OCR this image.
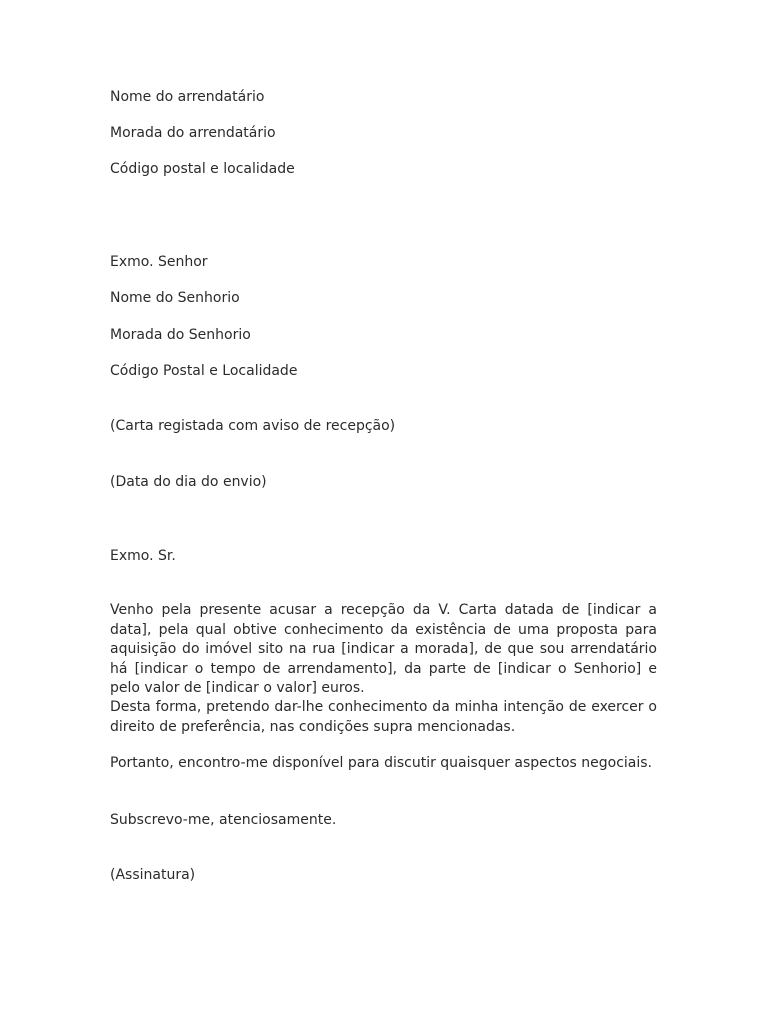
Nome do arrendatário

Morada do arrendatário

Código postal e localidade

Exmo. Senhor

Nome do Senhorio

Morada do Senhorio

Código Postal e Localidade

(Carta registada com aviso de recepção)

(Data do dia do envio)

Exmo. Sr.

Venho pela presente acusar a recepção da V. Carta datada de [indicar a data], pela qual obtive conhecimento da existência de uma proposta para aquisição do imóvel sito na rua [indicar a morada], de que sou arrendatário há [indicar o tempo de arrendamento], da parte de [indicar o Senhorio] e pelo valor de [indicar o valor] euros.

Desta forma, pretendo dar-lhe conhecimento da minha intenção de exercer o direito de preferência, nas condições supra mencionadas.

Portanto, encontro-me disponível para discutir quaisquer aspectos negociais.

Subscrevo-me, atenciosamente.

(Assinatura)
